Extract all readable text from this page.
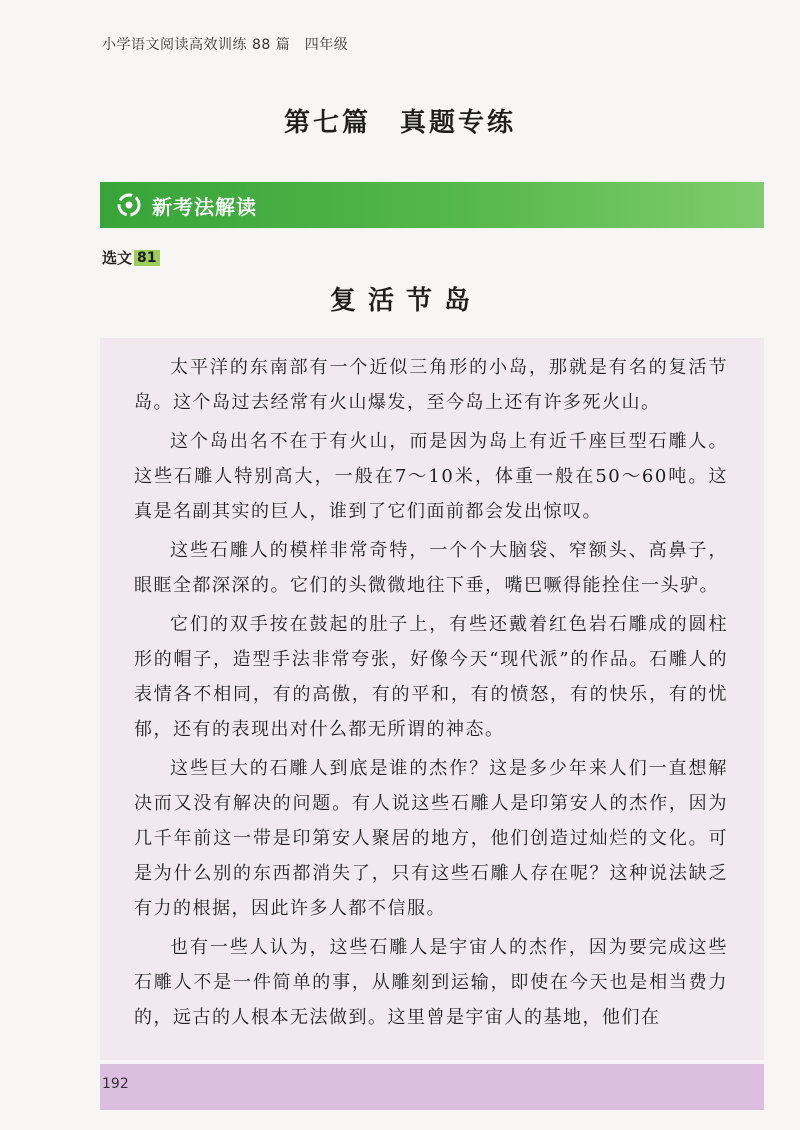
小学语文阅读高效训练 88 篇　四年级
第七篇　真题专练
新考法解读
选文 81
复活节岛

太平洋的东南部有一个近似三角形的小岛，那就是有名的复活节岛。这个岛过去经常有火山爆发，至今岛上还有许多死火山。

这个岛出名不在于有火山，而是因为岛上有近千座巨型石雕人。这些石雕人特别高大，一般在7～10米，体重一般在50～60吨。这真是名副其实的巨人，谁到了它们面前都会发出惊叹。

这些石雕人的模样非常奇特，一个个大脑袋、窄额头、高鼻子，眼眶全都深深的。它们的头微微地往下垂，嘴巴噘得能拴住一头驴。

它们的双手按在鼓起的肚子上，有些还戴着红色岩石雕成的圆柱形的帽子，造型手法非常夸张，好像今天“现代派”的作品。石雕人的表情各不相同，有的高傲，有的平和，有的愤怒，有的快乐，有的忧郁，还有的表现出对什么都无所谓的神态。

这些巨大的石雕人到底是谁的杰作？这是多少年来人们一直想解决而又没有解决的问题。有人说这些石雕人是印第安人的杰作，因为几千年前这一带是印第安人聚居的地方，他们创造过灿烂的文化。可是为什么别的东西都消失了，只有这些石雕人存在呢？这种说法缺乏有力的根据，因此许多人都不信服。

也有一些人认为，这些石雕人是宇宙人的杰作，因为要完成这些石雕人不是一件简单的事，从雕刻到运输，即使在今天也是相当费力的，远古的人根本无法做到。这里曾是宇宙人的基地，他们在

192
